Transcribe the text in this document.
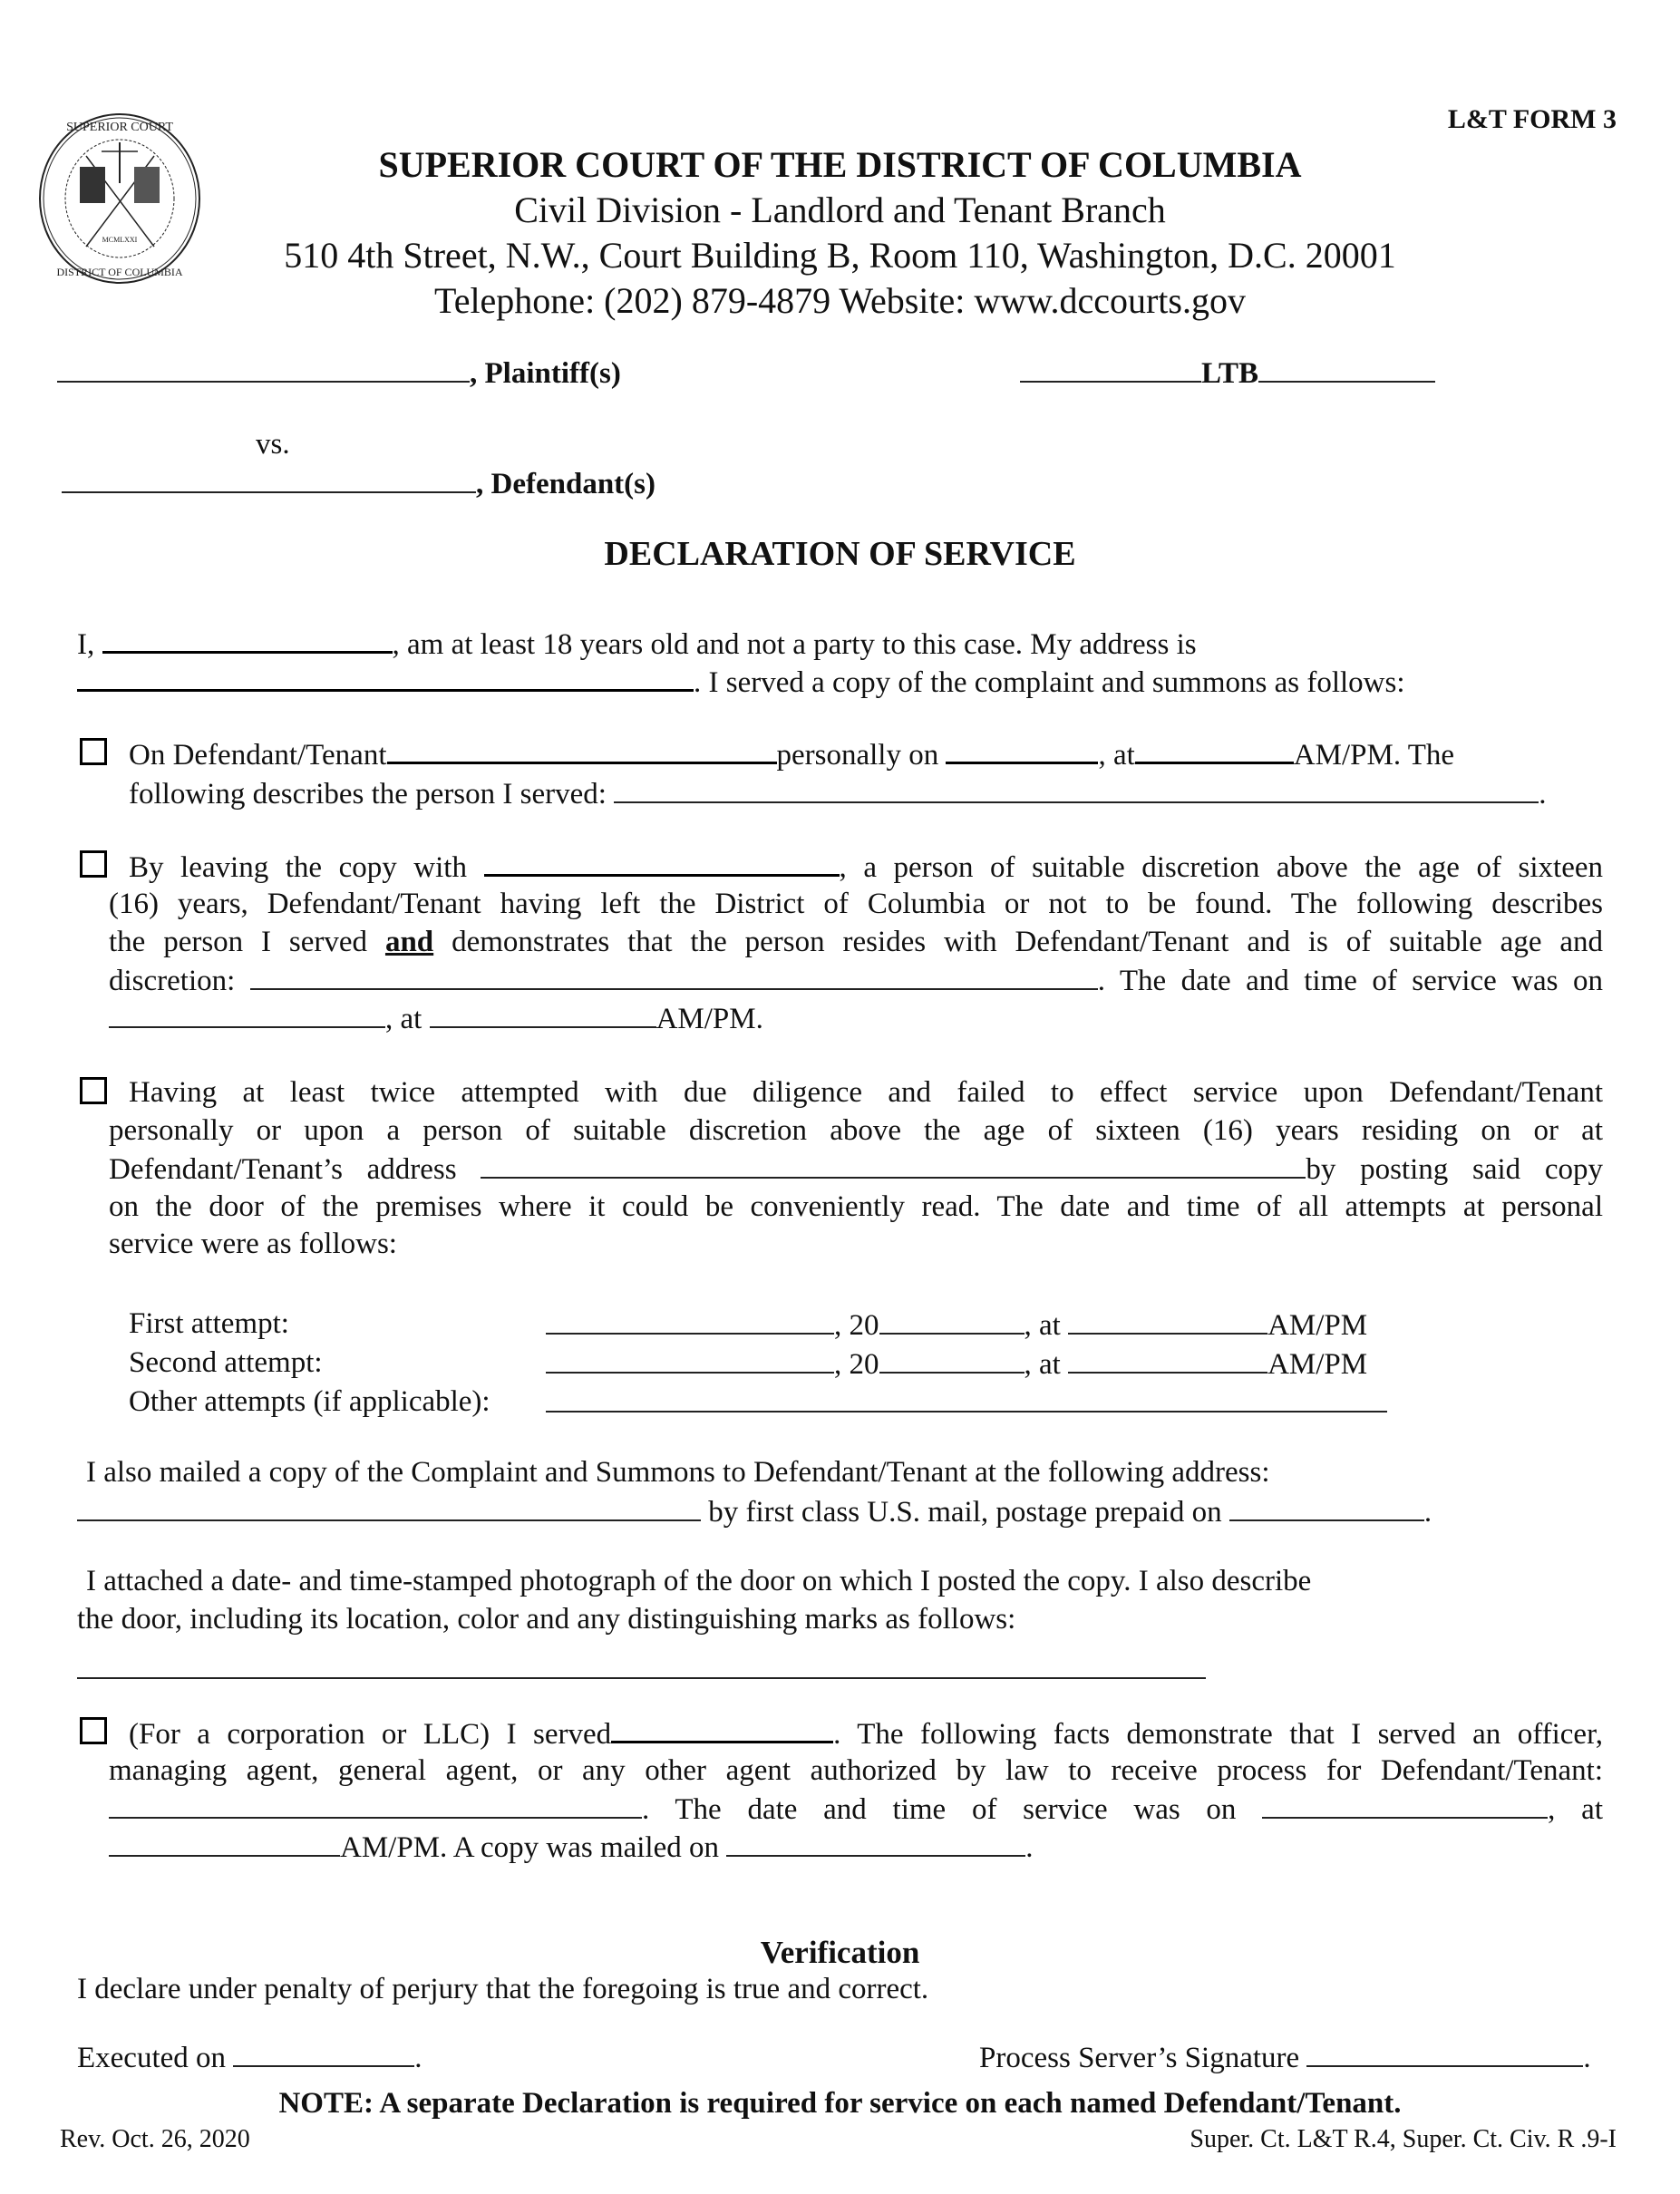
MCMLXXI
SUPERIOR COURT
DISTRICT OF COLUMBIA
L&T FORM 3
SUPERIOR COURT OF THE DISTRICT OF COLUMBIA
Civil Division - Landlord and Tenant Branch
510 4th Street, N.W., Court Building B, Room 110, Washington, D.C. 20001
Telephone: (202) 879-4879 Website: www.dccourts.gov
, Plaintiff(s)	LTB
vs.
, Defendant(s)
DECLARATION OF SERVICE
I,	, am at least 18 years old and not a party to this case. My address is
. I served a copy of the complaint and summons as follows:
On Defendant/Tenant	personally on	, at	AM/PM. The
following describes the person I served:	.
By leaving the copy with	, a person of suitable discretion above the age of sixteen
(16) years, Defendant/Tenant having left the District of Columbia or not to be found. The following describes
the person I served and demonstrates that the person resides with Defendant/Tenant and is of suitable age and
discretion:	. The date and time of service was on
, at	AM/PM.
Having at least twice attempted with due diligence and failed to effect service upon Defendant/Tenant
personally or upon a person of suitable discretion above the age of sixteen (16) years residing on or at
Defendant/Tenant’s address	by posting said copy
on the door of the premises where it could be conveniently read. The date and time of all attempts at personal
service were as follows:
First attempt:	, 20	, at	AM/PM
Second attempt:	, 20	, at	AM/PM
Other attempts (if applicable):
I also mailed a copy of the Complaint and Summons to Defendant/Tenant at the following address:
by first class U.S. mail, postage prepaid on	.
I attached a date- and time-stamped photograph of the door on which I posted the copy. I also describe
the door, including its location, color and any distinguishing marks as follows:
(For a corporation or LLC) I served	. The following facts demonstrate that I served an officer,
managing agent, general agent, or any other agent authorized by law to receive process for Defendant/Tenant:
. The date and time of service was on	, at
AM/PM. A copy was mailed on	.
Verification
I declare under penalty of perjury that the foregoing is true and correct.
Executed on	.	Process Server’s Signature	.
NOTE: A separate Declaration is required for service on each named Defendant/Tenant.
Rev. Oct. 26, 2020	Super. Ct. L&T R.4, Super. Ct. Civ. R .9-I
